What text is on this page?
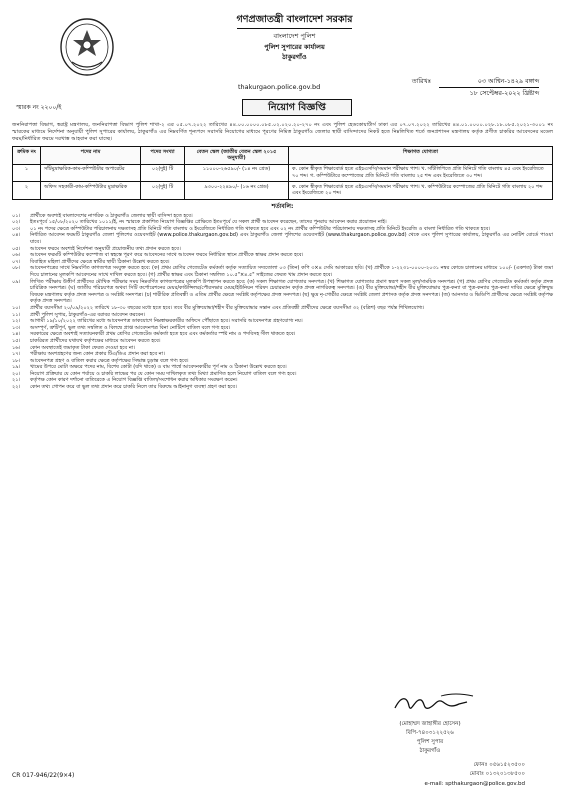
গণপ্রজাতন্ত্রী বাংলাদেশ সরকার
বাংলাদেশ পুলিশ
পুলিশ সুপারের কার্যালয়
ঠাকুরগাঁও
thakurgaon.police.gov.bd
তারিখঃ	০৩ আশ্বিন-১৪২৯ বঙ্গাব্দ
১৮ সেপ্টেম্বর-২০২২ খ্রিষ্টাব্দ
স্মারক নং ২২০০/ই	নিয়োগ বিজ্ঞপ্তি
জননিরাপত্তা বিভাগ, স্বরাষ্ট্র মন্ত্রণালয়, জননিরাপত্তা বিভাগ পুলিশ শাখা-২ এর ০৫.০৭.২০২২ তারিখের ৪৪.০০.০০০০.০৮৫.০২.০২০.২০-২৭০ নং এবং পুলিশ হেডকোয়ার্টার্স ঢাকা এর ০৭.০৭.২০২২ তারিখের ৪৪.০১.০০০০.০২৮.১৮.০৮৫.২০২১-৩০০১ নং স্মারকের মাধ্যমে নির্দেশনা অনুযায়ী পুলিশ সুপারের কার্যালয়, ঠাকুরগাঁও এর নিম্নবর্ণিত শূন্যপদে সরাসরি নিয়োগের মাধ্যমে পূরণের নিমিত্ত ঠাকুরগাঁও জেলার স্থায়ী বাসিন্দাদের নিকট হতে নিম্নলিখিত শর্তে জনপ্রশাসন মন্ত্রণালয় কর্তৃক প্রণীত চাকরির আবেদনের মডেল ফরম/নির্ধারিত ফরমে দরখাস্ত আহবান করা যাচ্ছে।
ক্রমিক নং	পদের নাম	পদের সংখ্যা	বেতন স্কেল (জাতীয় বেতন স্কেল ২০১৫ অনুযায়ী)	শিক্ষাগত যোগ্যতা
১	সাঁটমুদ্রাক্ষরিক-কাম-কম্পিউটার অপারেটর	০২(দুই) টি	১১০০০-২৬৫৯০/- (১৪ নং গ্রেড)	ক. কোন স্বীকৃত শিক্ষাবোর্ড হতে এইচএসসি/সমমান পরীক্ষায় পাশ। খ. সাঁটলিপিতে প্রতি মিনিটে গতি বাংলায় ৪৫ এবং ইংরেজিতে ৭০ শব্দ। গ. কম্পিউটারে কম্পোজের প্রতি মিনিটে গতি বাংলায় ২৫ শব্দ এবং ইংরেজিতে ৩০ শব্দ।
২	অফিস সহকারী-কাম-কম্পিউটার মুদ্রাক্ষরিক	০২(দুই) টি	৯৩০০-২২৪৯০/- (১৬ নং গ্রেড)	ক. কোন স্বীকৃত শিক্ষাবোর্ড হতে এইচএসসি/সমমান পরীক্ষায় পাশ। খ. কম্পিউটারে কম্পোজের প্রতি মিনিটে গতি বাংলায় ২০ শব্দ এবং ইংরেজিতে ২০ শব্দ।
শর্তাবলি:
০১।	প্রার্থীকে অবশ্যই বাংলাদেশের নাগরিক ও ঠাকুরগাঁও জেলার স্থায়ী বাসিন্দা হতে হবে।
০২।	ইতঃপূর্বে ১৫/০৮/২০২০ তারিখের ১০১১/ই, নং স্মারকে প্রকাশিত নিয়োগ বিজ্ঞপ্তির প্রেক্ষিতে ইতঃপূর্বে যে সকল প্রার্থী আবেদন করেছেন, তাদের পুনরায় আবেদন করার প্রয়োজন নাই।
০৩।	০১ নং পদের ক্ষেত্রে কম্পিউটার পরিচালনায় দক্ষতাসহ প্রতি মিনিটে গতি বাংলায় ও ইংরেজিতে নির্ধারিত গতি থাকতে হবে এবং ০২ নং প্রার্থীর কম্পিউটার পরিচালনায় দক্ষতাসহ প্রতি মিনিটে ইংরেজি ও বাংলা নির্ধারিত গতি থাকতে হবে।
০৪।	নির্ধারিত আবেদন ফরমটি ঠাকুরগাঁও জেলা পুলিশের ওয়েবসাইট (www.police.thakurgaon.gov.bd) এবং ঠাকুরগাঁও জেলা পুলিশের ওয়েবসাইট (www.thakurgaon.police.gov.bd) থেকে এবং পুলিশ সুপারের কার্যালয়, ঠাকুরগাঁও এর নোটিশ বোর্ডে পাওয়া যাবে।
০৫।	আবেদন ফরমে অবশ্যই নির্দেশনা অনুযায়ী প্রয়োজনীয় তথ্য প্রদান করতে হবে।
০৬।	আবেদন ফরমটি কম্পিউটার কম্পোজ বা স্বহস্তে পূরণ করে আবেদনের সাথে আবেদন ফরমে নির্ধারিত স্থানে প্রার্থীকে স্বাক্ষর প্রদান করতে হবে।
০৭।	বিবাহিত মহিলা প্রার্থীদের ক্ষেত্রে স্বামীর স্থায়ী ঠিকানা উল্লেখ করতে হবে।
০৮।	আবেদনপত্রের সাথে নিম্নবর্ণিত কাগজপত্র সংযুক্ত করতে হবে: (ক) প্রথম শ্রেণির গেজেটেড কর্মকর্তা কর্তৃক সত্যায়িত সদ্যতোলা ০৩ (তিন) কপি ৩×৪ সেমি আকারের ছবি। (খ) প্রার্থীকে ১-২২৩১-০০০০-২০৩১ নম্বর কোডে চালানের মাধ্যমে ১০০/- (একশত) টাকা জমা দিয়ে চালানের মূলকপি আবেদনের সাথে দাখিল করতে হবে। (গ) প্রার্থীর স্বাক্ষর এবং ঠিকানা সম্বলিত ১০.৫"×৪.৫" সাইজের ফেরত খাম প্রদান করতে হবে।
০৯।	লিখিত পরীক্ষায় উত্তীর্ণ প্রার্থীদের মৌখিক পরীক্ষার সময় নিম্নবর্ণিত কাগজপত্রের মূলকপি উপস্থাপন করতে হবে: (ক) সকল শিক্ষাগত যোগ্যতার সনদপত্র। (খ) শিক্ষাগত যোগ্যতার প্রমাণ স্বরূপ সকল মূল/সাময়িক সনদপত্র। (গ) প্রথম শ্রেণির গেজেটেড কর্মকর্তা কর্তৃক প্রদত্ত চারিত্রিক সনদপত্র। (ঘ) জাতীয় পরিচয়পত্র অথবা সিটি কর্পোরেশনের মেয়র/কাউন্সিলর/পৌরসভার মেয়র/ইউনিয়ন পরিষদ চেয়ারম্যান কর্তৃক প্রদত্ত নাগরিকত্ব সনদপত্র। (ঙ) বীর মুক্তিযোদ্ধা/শহীদ বীর মুক্তিযোদ্ধার পুত্র-কন্যা বা পুত্র-কন্যার পুত্র-কন্যা দাবির ক্ষেত্রে মুক্তিযুদ্ধ বিষয়ক মন্ত্রণালয় কর্তৃক প্রদত্ত সনদপত্র ও সংশ্লিষ্ট সনদপত্র। (চ) শারীরিক প্রতিবন্ধী ও এতিম প্রার্থীর ক্ষেত্রে সংশ্লিষ্ট কর্তৃপক্ষের প্রদত্ত সনদপত্র। (ছ) ক্ষুদ্র নৃ-গোষ্ঠীর ক্ষেত্রে সংশ্লিষ্ট জেলা প্রশাসক কর্তৃক প্রদত্ত সনদপত্র। (জ) আনসার ও ভিডিপি প্রার্থীদের ক্ষেত্রে সংশ্লিষ্ট কর্তৃপক্ষ কর্তৃক প্রদত্ত সনদপত্র।
১০।	প্রার্থীর বয়সসীমা ২০/০৯/২০২২ তারিখে ১৮-৩০ বছরের মধ্যে হতে হবে। তবে বীর মুক্তিযোদ্ধা/শহীদ বীর মুক্তিযোদ্ধার সন্তান এবং প্রতিবন্ধী প্রার্থীদের ক্ষেত্রে বয়সসীমা ৩২ (বত্রিশ) বছর পর্যন্ত শিথিলযোগ্য।
১১।	প্রার্থী পুলিশ সুপার, ঠাকুরগাঁও-এর বরাবর আবেদন করবেন।
১২।	আগামী ১৯/১০/২০২২ তারিখের মধ্যে আবেদনপত্র ডাকযোগে নিম্নস্বাক্ষরকারীর অফিসে পৌঁছাতে হবে। সরাসরি আবেদনপত্র গ্রহণযোগ্য নয়।
১৩।	অসম্পূর্ণ, ত্রুটিপূর্ণ, ভুল তথ্য সম্বলিত ও বিলম্বে প্রাপ্ত আবেদনপত্র বিনা নোটিশে বাতিল বলে গণ্য হবে।
১৪।	সরকারের ক্ষেত্রে অবশ্যই সত্যায়নকারী প্রথম শ্রেণির গেজেটেড কর্মকর্তা হতে হবে এবং কর্মকর্তার স্পষ্ট নাম ও পদবিসহ সীল থাকতে হবে।
১৫।	চাকরিরত প্রার্থীদের যথাযথ কর্তৃপক্ষের মাধ্যমে আবেদন করতে হবে।
১৬।	কোন অবস্থাতেই জমাকৃত টাকা ফেরত দেওয়া হবে না।
১৭।	পরীক্ষায় অংশগ্রহণের জন্য কোন প্রকার টিএ/ডিএ প্রদান করা হবে না।
১৮।	আবেদনপত্র গ্রহণ ও বাতিল করার ক্ষেত্রে কর্তৃপক্ষের সিদ্ধান্ত চূড়ান্ত বলে গণ্য হবে।
১৯।	খামের উপরে মোটা অক্ষরে পদের নাম, বিশেষ কোটা (যদি থাকে) ও বাম পার্শ্বে আবেদনকারীর পূর্ণ নাম ও ঠিকানা উল্লেখ করতে হবে।
২০।	নিয়োগ প্রক্রিয়ার যে কোন পর্যায়ে ও চাকরি লাভের পর যে কোন সময় দাখিলকৃত তথ্য মিথ্যা প্রমাণিত হলে নিয়োগ বাতিল বলে গণ্য হবে।
২১।	কর্তৃপক্ষ কোন কারণ দর্শানো ব্যতিরেকে এ নিয়োগ বিজ্ঞপ্তি বাতিল/সংশোধন করার অধিকার সংরক্ষণ করেন।
২২।	কোন তথ্য গোপন করে বা ভুল তথ্য প্রদান করে চাকরি নিলে তার বিরুদ্ধে আইনানুগ ব্যবস্থা গ্রহণ করা হবে।
(মোহাম্মদ জাহাঙ্গীর হোসেন)
বিপি-৭৪০৩১২২৫২৬
পুলিশ সুপার
ঠাকুরগাঁও
CR 017-946/22(9×4)
ফোনঃ ০৫৬১৫২৩৫০০
মোবাঃ ০১৩২০১৩৮৫০০
e-mail: spthakurgaon@police.gov.bd
